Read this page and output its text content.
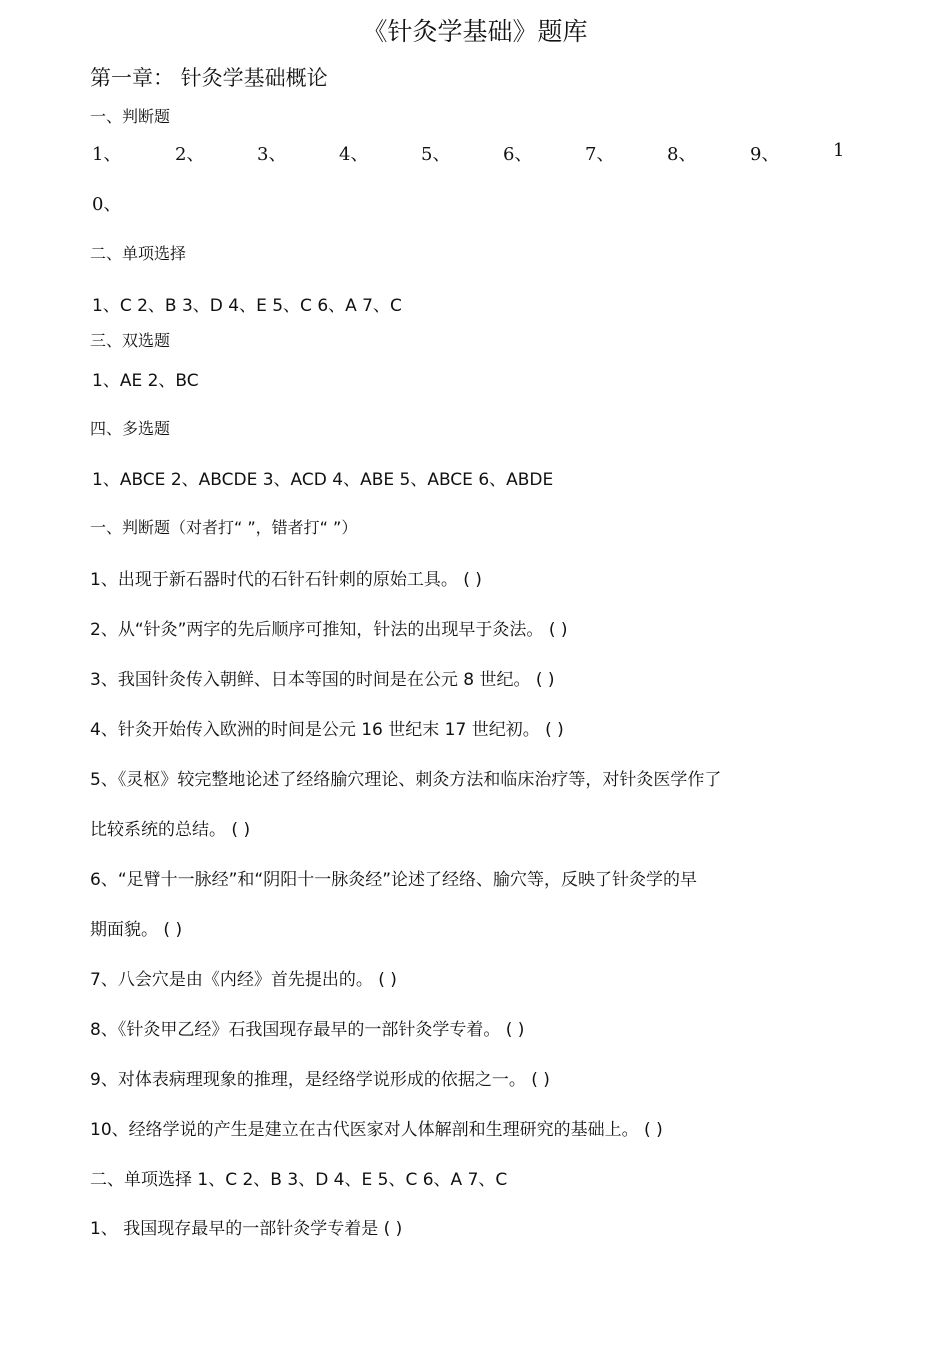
《针灸学基础》题库
第一章： 针灸学基础概论
一、判断题
1、	2、	3、	4、	5、	6、	7、	8、	9、	1
0、
二、单项选择
1、C 2、B 3、D 4、E 5、C 6、A 7、C
三、双选题
1、AE 2、BC
四、多选题
1、ABCE 2、ABCDE 3、ACD 4、ABE 5、ABCE 6、ABDE
一、判断题（对者打“ ”，错者打“ ”）
1、出现于新石器时代的石针石针刺的原始工具。 ( )
2、从“针灸”两字的先后顺序可推知，针法的出现早于灸法。 ( )
3、我国针灸传入朝鲜、日本等国的时间是在公元 8 世纪。 ( )
4、针灸开始传入欧洲的时间是公元 16 世纪末 17 世纪初。 ( )
5、《灵枢》较完整地论述了经络腧穴理论、刺灸方法和临床治疗等，对针灸医学作了
比较系统的总结。 ( )
6、“足臂十一脉经”和“阴阳十一脉灸经”论述了经络、腧穴等，反映了针灸学的早
期面貌。 ( )
7、八会穴是由《内经》首先提出的。 ( )
8、《针灸甲乙经》石我国现存最早的一部针灸学专着。 ( )
9、对体表病理现象的推理，是经络学说形成的依据之一。 ( )
10、经络学说的产生是建立在古代医家对人体解剖和生理研究的基础上。 ( )
二、单项选择 1、C 2、B 3、D 4、E 5、C 6、A 7、C
1、 我国现存最早的一部针灸学专着是 ( )
